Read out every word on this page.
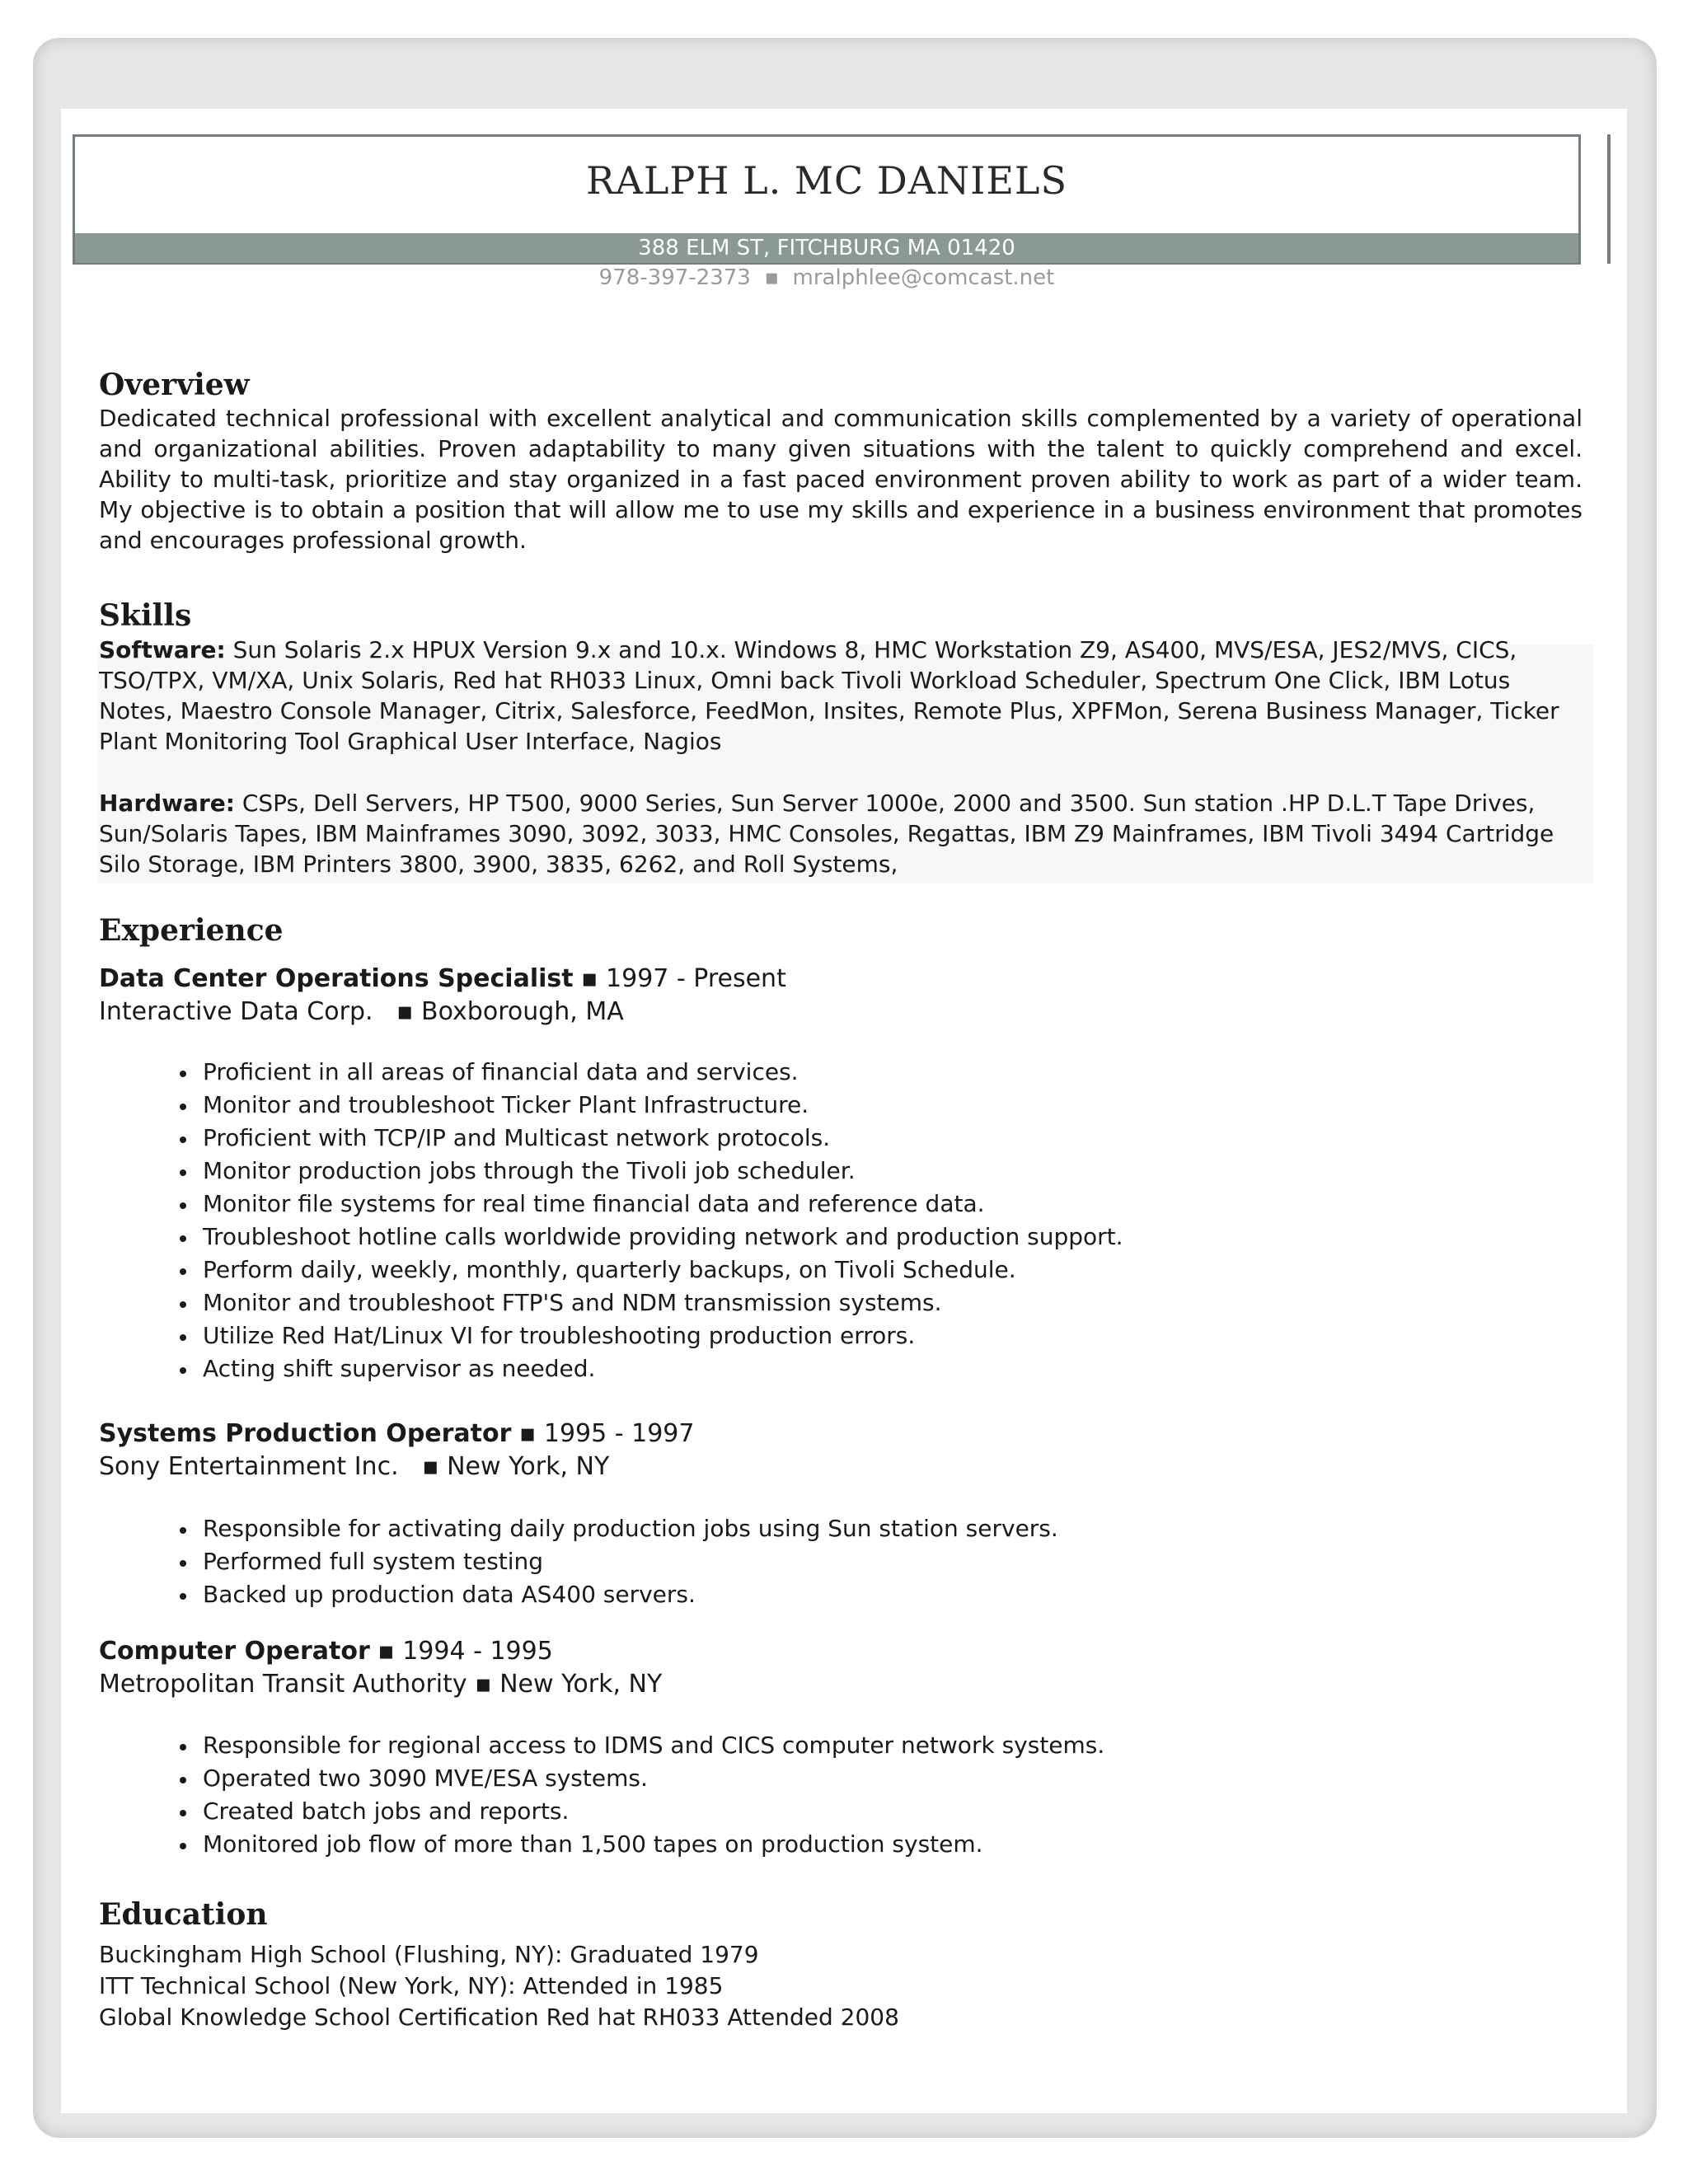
RALPH L. MC DANIELS
388 ELM ST, FITCHBURG MA 01420
978-397-2373 ▪ mralphlee@comcast.net
Overview
Dedicated technical professional with excellent analytical and communication skills complemented by a variety of operational and organizational abilities. Proven adaptability to many given situations with the talent to quickly comprehend and excel. Ability to multi-task, prioritize and stay organized in a fast paced environment proven ability to work as part of a wider team. My objective is to obtain a position that will allow me to use my skills and experience in a business environment that promotes and encourages professional growth.
Skills
Software: Sun Solaris 2.x HPUX Version 9.x and 10.x. Windows 8, HMC Workstation Z9, AS400, MVS/ESA, JES2/MVS, CICS, TSO/TPX, VM/XA, Unix Solaris, Red hat RH033 Linux, Omni back Tivoli Workload Scheduler, Spectrum One Click, IBM Lotus Notes, Maestro Console Manager, Citrix, Salesforce, FeedMon, Insites, Remote Plus, XPFMon, Serena Business Manager, Ticker Plant Monitoring Tool Graphical User Interface, Nagios
Hardware: CSPs, Dell Servers, HP T500, 9000 Series, Sun Server 1000e, 2000 and 3500. Sun station .HP D.L.T Tape Drives, Sun/Solaris Tapes, IBM Mainframes 3090, 3092, 3033, HMC Consoles, Regattas, IBM Z9 Mainframes, IBM Tivoli 3494 Cartridge Silo Storage, IBM Printers 3800, 3900, 3835, 6262, and Roll Systems,
Experience
Data Center Operations Specialist ▪ 1997 - Present
Interactive Data Corp. ▪ Boxborough, MA
• Proficient in all areas of financial data and services.
• Monitor and troubleshoot Ticker Plant Infrastructure.
• Proficient with TCP/IP and Multicast network protocols.
• Monitor production jobs through the Tivoli job scheduler.
• Monitor file systems for real time financial data and reference data.
• Troubleshoot hotline calls worldwide providing network and production support.
• Perform daily, weekly, monthly, quarterly backups, on Tivoli Schedule.
• Monitor and troubleshoot FTP'S and NDM transmission systems.
• Utilize Red Hat/Linux VI for troubleshooting production errors.
• Acting shift supervisor as needed.
Systems Production Operator ▪ 1995 - 1997
Sony Entertainment Inc. ▪ New York, NY
• Responsible for activating daily production jobs using Sun station servers.
• Performed full system testing
• Backed up production data AS400 servers.
Computer Operator ▪ 1994 - 1995
Metropolitan Transit Authority ▪ New York, NY
• Responsible for regional access to IDMS and CICS computer network systems.
• Operated two 3090 MVE/ESA systems.
• Created batch jobs and reports.
• Monitored job flow of more than 1,500 tapes on production system.
Education
Buckingham High School (Flushing, NY): Graduated 1979
ITT Technical School (New York, NY): Attended in 1985
Global Knowledge School Certification Red hat RH033 Attended 2008
